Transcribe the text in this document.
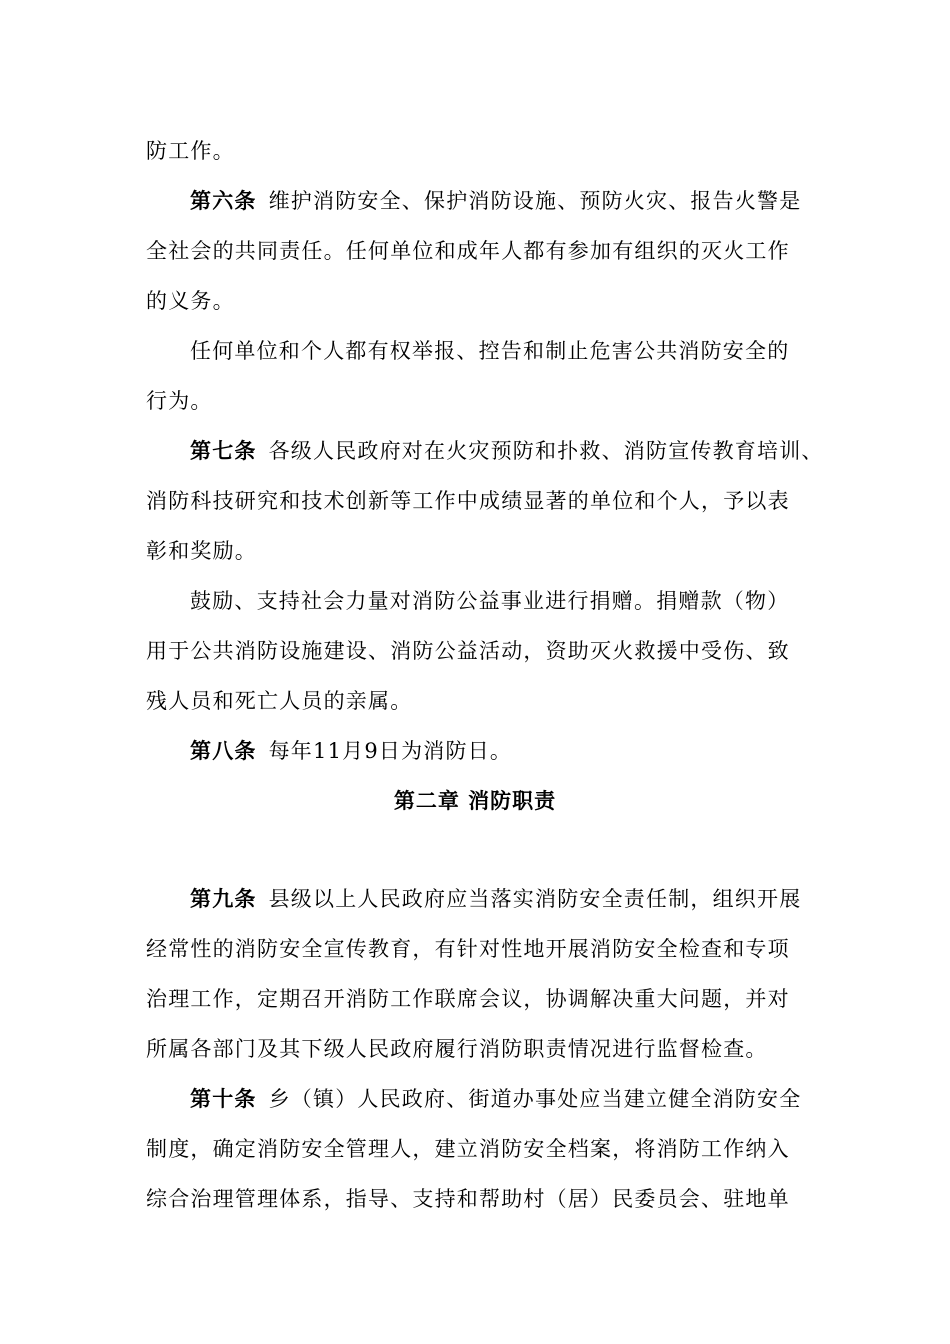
防工作。
第六条 维护消防安全、保护消防设施、预防火灾、报告火警是
全社会的共同责任。任何单位和成年人都有参加有组织的灭火工作
的义务。
任何单位和个人都有权举报、控告和制止危害公共消防安全的
行为。
第七条 各级人民政府对在火灾预防和扑救、消防宣传教育培训、
消防科技研究和技术创新等工作中成绩显著的单位和个人，予以表
彰和奖励。
鼓励、支持社会力量对消防公益事业进行捐赠。捐赠款（物）
用于公共消防设施建设、消防公益活动，资助灭火救援中受伤、致
残人员和死亡人员的亲属。
第八条 每年11月9日为消防日。
第二章 消防职责
第九条 县级以上人民政府应当落实消防安全责任制，组织开展
经常性的消防安全宣传教育，有针对性地开展消防安全检查和专项
治理工作，定期召开消防工作联席会议，协调解决重大问题，并对
所属各部门及其下级人民政府履行消防职责情况进行监督检查。
第十条 乡（镇）人民政府、街道办事处应当建立健全消防安全
制度，确定消防安全管理人，建立消防安全档案，将消防工作纳入
综合治理管理体系，指导、支持和帮助村（居）民委员会、驻地单
